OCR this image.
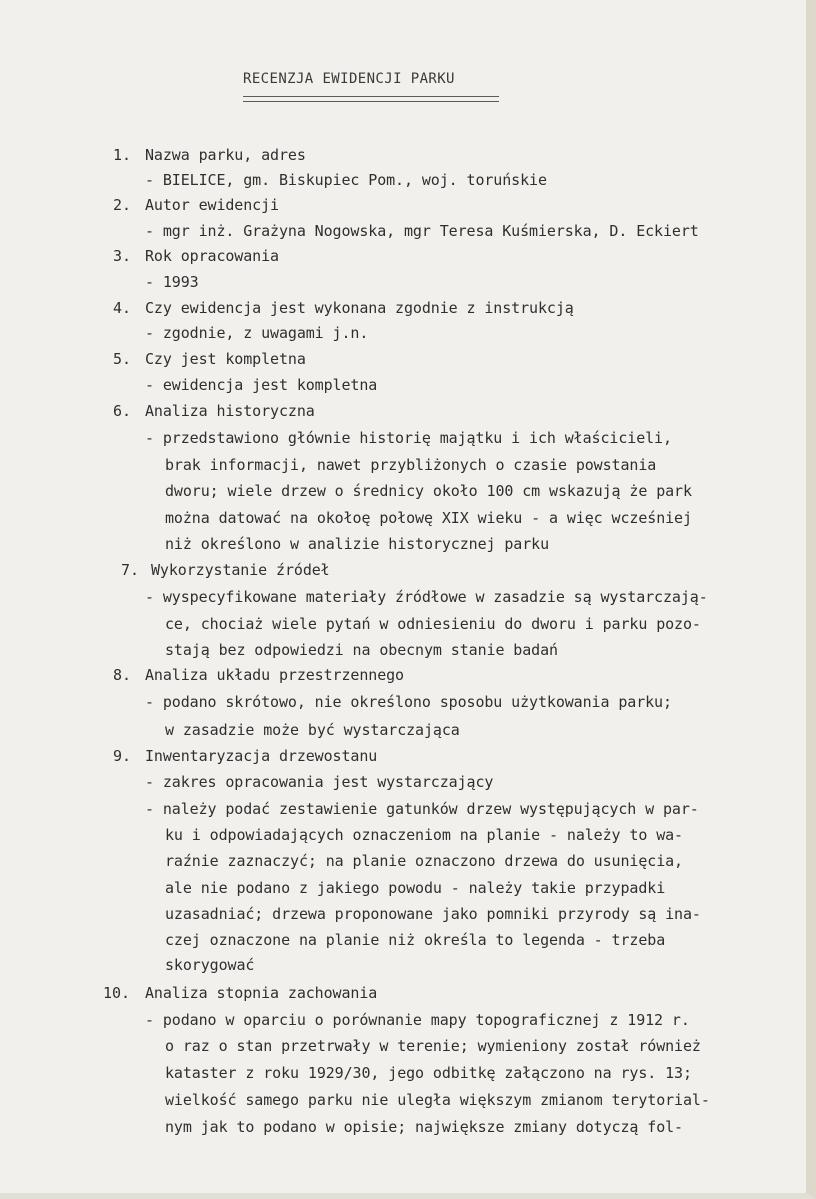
RECENZJA EWIDENCJI PARKU
1. Nazwa parku, adres
- BIELICE, gm. Biskupiec Pom., woj. toruńskie
2. Autor ewidencji
- mgr inż. Grażyna Nogowska, mgr Teresa Kuśmierska, D. Eckiert
3. Rok opracowania
- 1993
4. Czy ewidencja jest wykonana zgodnie z instrukcją
- zgodnie, z uwagami j.n.
5. Czy jest kompletna
- ewidencja jest kompletna
6. Analiza historyczna
- przedstawiono głównie historię majątku i ich właścicieli,
brak informacji, nawet przybliżonych o czasie powstania
dworu; wiele drzew o średnicy około 100 cm wskazują że park
można datować na okołoę połowę XIX wieku - a więc wcześniej
niż określono w analizie historycznej parku
7. Wykorzystanie źródeł
- wyspecyfikowane materiały źródłowe w zasadzie są wystarczają-
ce, chociaż wiele pytań w odniesieniu do dworu i parku pozo-
stają bez odpowiedzi na obecnym stanie badań
8. Analiza układu przestrzennego
- podano skrótowo, nie określono sposobu użytkowania parku;
w zasadzie może być wystarczająca
9. Inwentaryzacja drzewostanu
- zakres opracowania jest wystarczający
- należy podać zestawienie gatunków drzew występujących w par-
ku i odpowiadających oznaczeniom na planie - należy to wa-
raźnie zaznaczyć; na planie oznaczono drzewa do usunięcia,
ale nie podano z jakiego powodu - należy takie przypadki
uzasadniać; drzewa proponowane jako pomniki przyrody są ina-
czej oznaczone na planie niż określa to legenda - trzeba
skorygować
10. Analiza stopnia zachowania
- podano w oparciu o porównanie mapy topograficznej z 1912 r.
o raz o stan przetrwały w terenie; wymieniony został również
kataster z roku 1929/30, jego odbitkę załączono na rys. 13;
wielkość samego parku nie uległa większym zmianom terytorial-
nym jak to podano w opisie; największe zmiany dotyczą fol-
